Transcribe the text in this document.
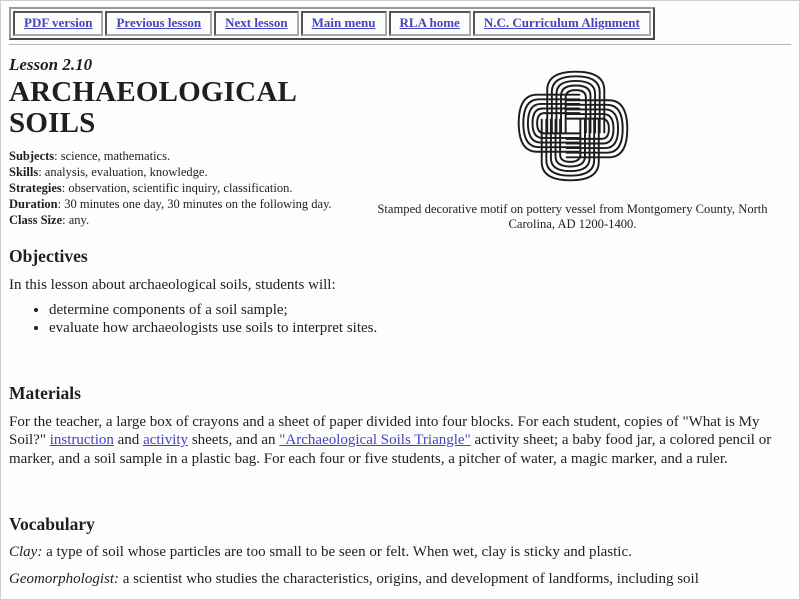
PDF version	Previous lesson	Next lesson	Main menu	RLA home	N.C. Curriculum Alignment
Lesson 2.10
ARCHAEOLOGICAL SOILS
Subjects: science, mathematics.
Skills: analysis, evaluation, knowledge.
Strategies: observation, scientific inquiry, classification.
Duration: 30 minutes one day, 30 minutes on the following day.
Class Size: any.
Stamped decorative motif on pottery vessel from Montgomery County, North Carolina, AD 1200-1400.
Objectives

In this lesson about archaeological soils, students will:

• determine components of a soil sample;
• evaluate how archaeologists use soils to interpret sites.
Materials

For the teacher, a large box of crayons and a sheet of paper divided into four blocks. For each student, copies of "What is My Soil?" instruction and activity sheets, and an "Archaeological Soils Triangle" activity sheet; a baby food jar, a colored pencil or marker, and a soil sample in a plastic bag. For each four or five students, a pitcher of water, a magic marker, and a ruler.

Vocabulary

Clay: a type of soil whose particles are too small to be seen or felt. When wet, clay is sticky and plastic.

Geomorphologist: a scientist who studies the characteristics, origins, and development of landforms, including soil
